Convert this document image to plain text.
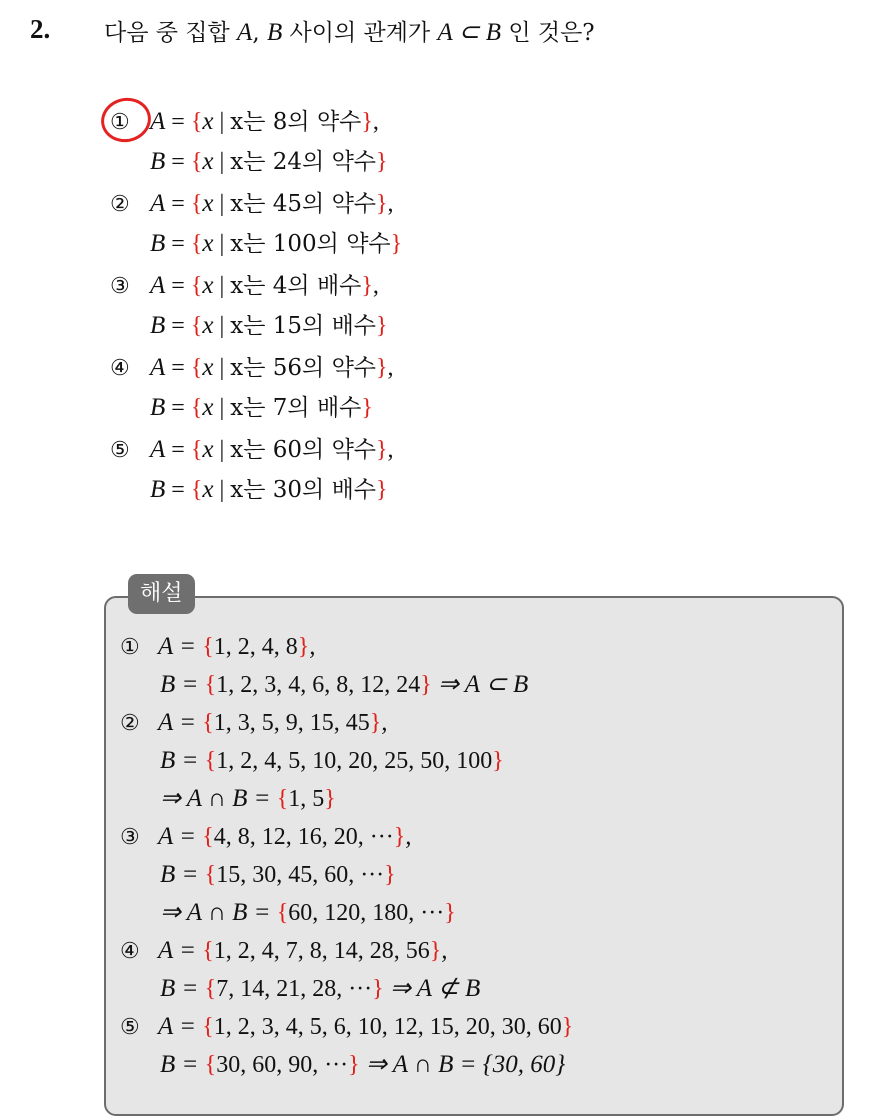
2. 다음 중 집합 A, B 사이의 관계가 A ⊂ B 인 것은?
① A = {x | x는 8의 약수},
B = {x | x는 24의 약수}
② A = {x | x는 45의 약수},
B = {x | x는 100의 약수}
③ A = {x | x는 4의 배수},
B = {x | x는 15의 배수}
④ A = {x | x는 56의 약수},
B = {x | x는 7의 배수}
⑤ A = {x | x는 60의 약수},
B = {x | x는 30의 배수}
해설
① A = {1, 2, 4, 8},
B = {1, 2, 3, 4, 6, 8, 12, 24} ⇒ A ⊂ B
② A = {1, 3, 5, 9, 15, 45},
B = {1, 2, 4, 5, 10, 20, 25, 50, 100}
⇒ A ∩ B = {1, 5}
③ A = {4, 8, 12, 16, 20, ···},
B = {15, 30, 45, 60, ···}
⇒ A ∩ B = {60, 120, 180, ···}
④ A = {1, 2, 4, 7, 8, 14, 28, 56},
B = {7, 14, 21, 28, ···} ⇒ A ⊄ B
⑤ A = {1, 2, 3, 4, 5, 6, 10, 12, 15, 20, 30, 60}
B = {30, 60, 90, ···} ⇒ A ∩ B = {30, 60}
